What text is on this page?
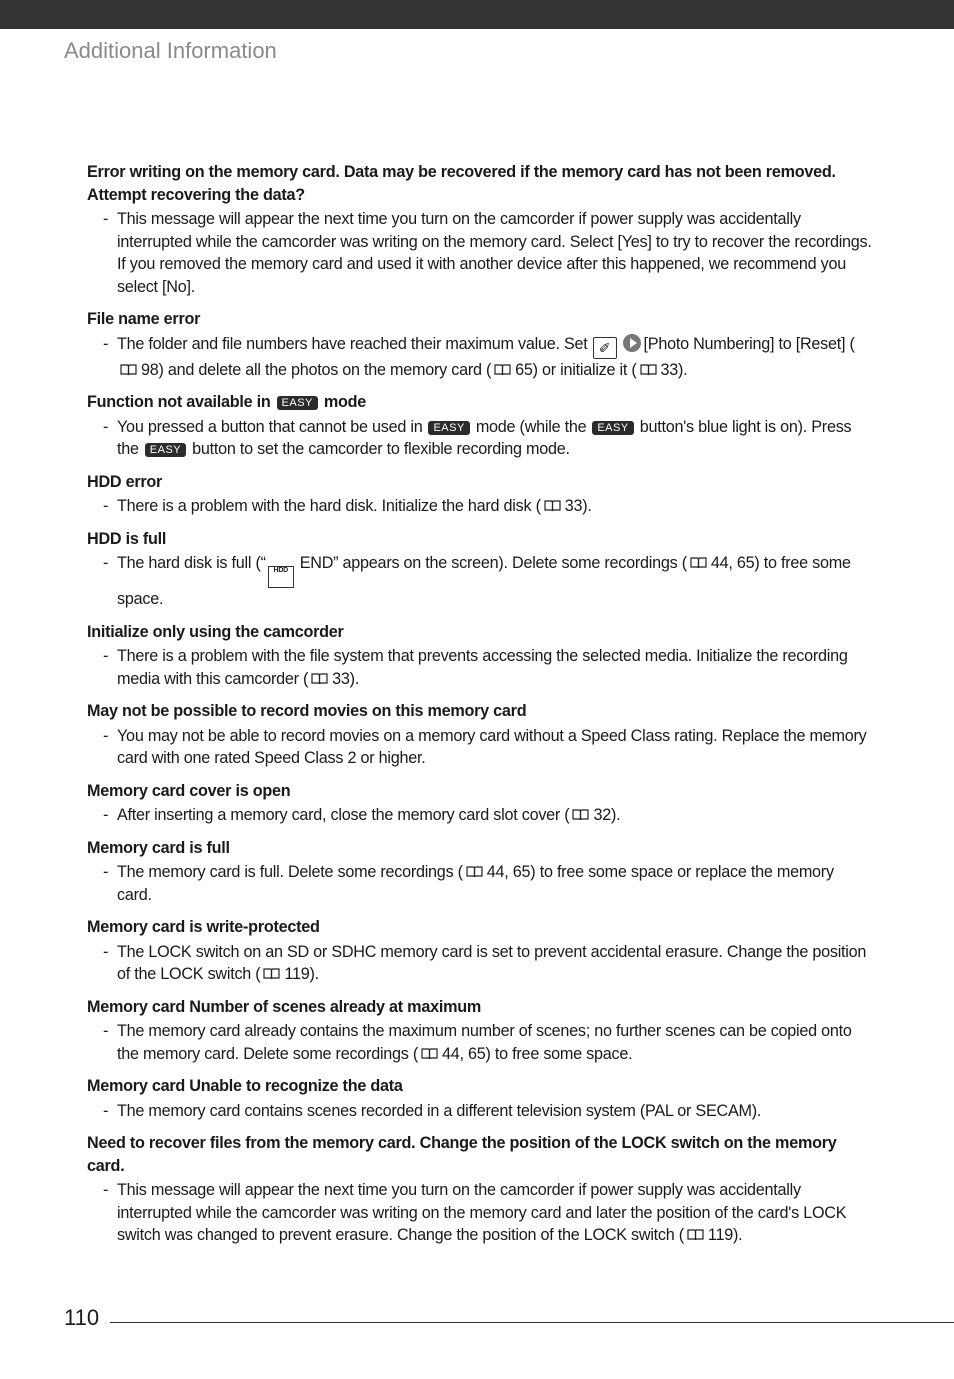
Additional Information
Error writing on the memory card. Data may be recovered if the memory card has not been removed. Attempt recovering the data?
- This message will appear the next time you turn on the camcorder if power supply was accidentally interrupted while the camcorder was writing on the memory card. Select [Yes] to try to recover the recordings. If you removed the memory card and used it with another device after this happened, we recommend you select [No].
File name error
- The folder and file numbers have reached their maximum value. Set ✐ [Photo Numbering] to [Reset] (98) and delete all the photos on the memory card ( 65) or initialize it ( 33).
Function not available in EASY mode
- You pressed a button that cannot be used in EASY mode (while the EASY button's blue light is on). Press the EASY button to set the camcorder to flexible recording mode.
HDD error
- There is a problem with the hard disk. Initialize the hard disk ( 33).
HDD is full
- The hard disk is full (“ HDD END” appears on the screen). Delete some recordings ( 44, 65) to free some space.
Initialize only using the camcorder
- There is a problem with the file system that prevents accessing the selected media. Initialize the recording media with this camcorder ( 33).
May not be possible to record movies on this memory card
- You may not be able to record movies on a memory card without a Speed Class rating. Replace the memory card with one rated Speed Class 2 or higher.
Memory card cover is open
- After inserting a memory card, close the memory card slot cover ( 32).
Memory card is full
- The memory card is full. Delete some recordings ( 44, 65) to free some space or replace the memory card.
Memory card is write-protected
- The LOCK switch on an SD or SDHC memory card is set to prevent accidental erasure. Change the position of the LOCK switch ( 119).
Memory card Number of scenes already at maximum
- The memory card already contains the maximum number of scenes; no further scenes can be copied onto the memory card. Delete some recordings ( 44, 65) to free some space.
Memory card Unable to recognize the data
- The memory card contains scenes recorded in a different television system (PAL or SECAM).
Need to recover files from the memory card. Change the position of the LOCK switch on the memory card.
- This message will appear the next time you turn on the camcorder if power supply was accidentally interrupted while the camcorder was writing on the memory card and later the position of the card's LOCK switch was changed to prevent erasure. Change the position of the LOCK switch ( 119).
110
